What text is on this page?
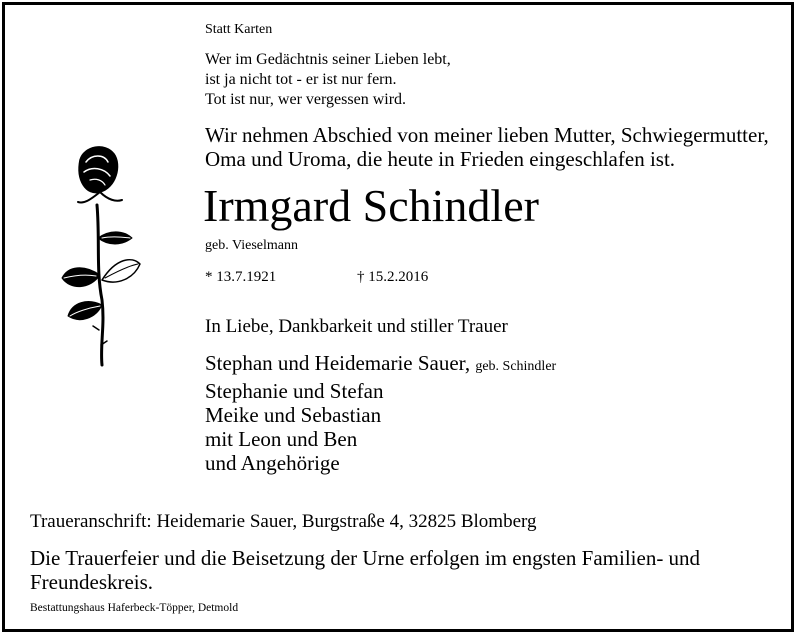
Statt Karten
Wer im Gedächtnis seiner Lieben lebt,
ist ja nicht tot - er ist nur fern.
Tot ist nur, wer vergessen wird.
Wir nehmen Abschied von meiner lieben Mutter, Schwiegermutter,
Oma und Uroma, die heute in Frieden eingeschlafen ist.
Irmgard Schindler
geb. Vieselmann
* 13.7.1921	† 15.2.2016
In Liebe, Dankbarkeit und stiller Trauer
Stephan und Heidemarie Sauer, geb. Schindler
Stephanie und Stefan
Meike und Sebastian
mit Leon und Ben
und Angehörige
Traueranschrift: Heidemarie Sauer, Burgstraße 4, 32825 Blomberg
Die Trauerfeier und die Beisetzung der Urne erfolgen im engsten Familien- und
Freundeskreis.
Bestattungshaus Haferbeck-Töpper, Detmold
